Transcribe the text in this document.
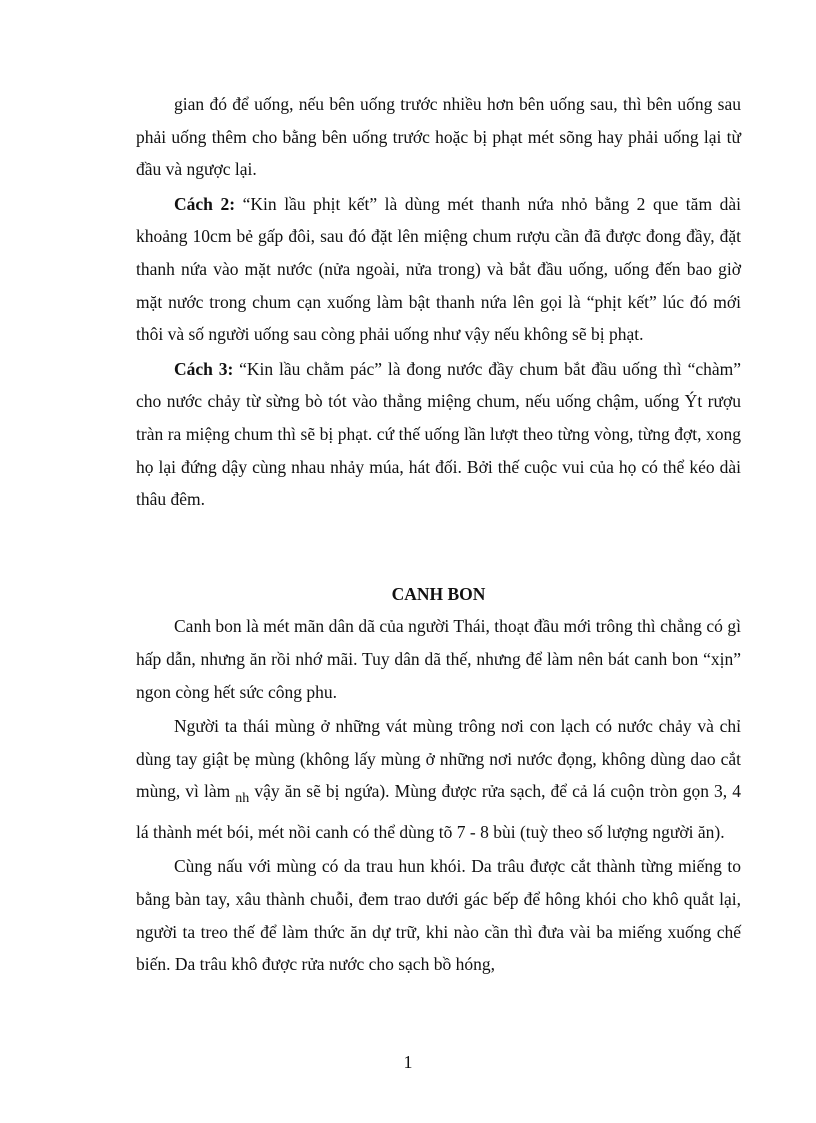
gian đó để uống, nếu bên uống trước nhiều hơn bên uống sau, thì bên uống sau phải uống thêm cho bằng bên uống trước hoặc bị phạt mét sõng hay phải uống lại từ đầu và ngược lại.

Cách 2: “Kin lầu phịt kết” là dùng mét thanh nứa nhỏ bằng 2 que tăm dài khoảng 10cm bẻ gấp đôi, sau đó đặt lên miệng chum rượu cần đã được đong đầy, đặt thanh nứa vào mặt nước (nửa ngoài, nửa trong) và bắt đầu uống, uống đến bao giờ mặt nước trong chum cạn xuống làm bật thanh nứa lên gọi là “phịt kết” lúc đó mới thôi và số người uống sau còng phải uống như vậy nếu không sẽ bị phạt.

Cách 3: “Kin lầu chằm pác” là đong nước đầy chum bắt đầu uống thì “chàm” cho nước chảy từ sừng bò tót vào thẳng miệng chum, nếu uống chậm, uống Ýt rượu tràn ra miệng chum thì sẽ bị phạt. cứ thế uống lần lượt theo từng vòng, từng đợt, xong họ lại đứng dậy cùng nhau nhảy múa, hát đối. Bởi thế cuộc vui của họ có thể kéo dài thâu đêm.

CANH BON

Canh bon là mét mãn dân dã của người Thái, thoạt đầu mới trông thì chẳng có gì hấp dẫn, nhưng ăn rồi nhớ mãi. Tuy dân dã thế, nhưng để làm nên bát canh bon “xịn” ngon còng hết sức công phu.

Người ta thái mùng ở những vát mùng trông nơi con lạch có nước chảy và chỉ dùng tay giật bẹ mùng (không lấy mùng ở những nơi nước đọng, không dùng dao cắt mùng, vì làm $_{nh}$ vậy ăn sẽ bị ngứa). Mùng được rửa sạch, để cả lá cuộn tròn gọn 3, 4 lá thành mét bói, mét nồi canh có thể dùng tõ 7 - 8 bùi (tuỳ theo số lượng người ăn).

Cùng nấu với mùng có da trau hun khói. Da trâu được cắt thành từng miếng to bằng bàn tay, xâu thành chuỗi, đem trao dưới gác bếp để hông khói cho khô quắt lại, người ta treo thế để làm thức ăn dự trữ, khi nào cần thì đưa vài ba miếng xuống chế biến. Da trâu khô được rửa nước cho sạch bồ hóng,

1
